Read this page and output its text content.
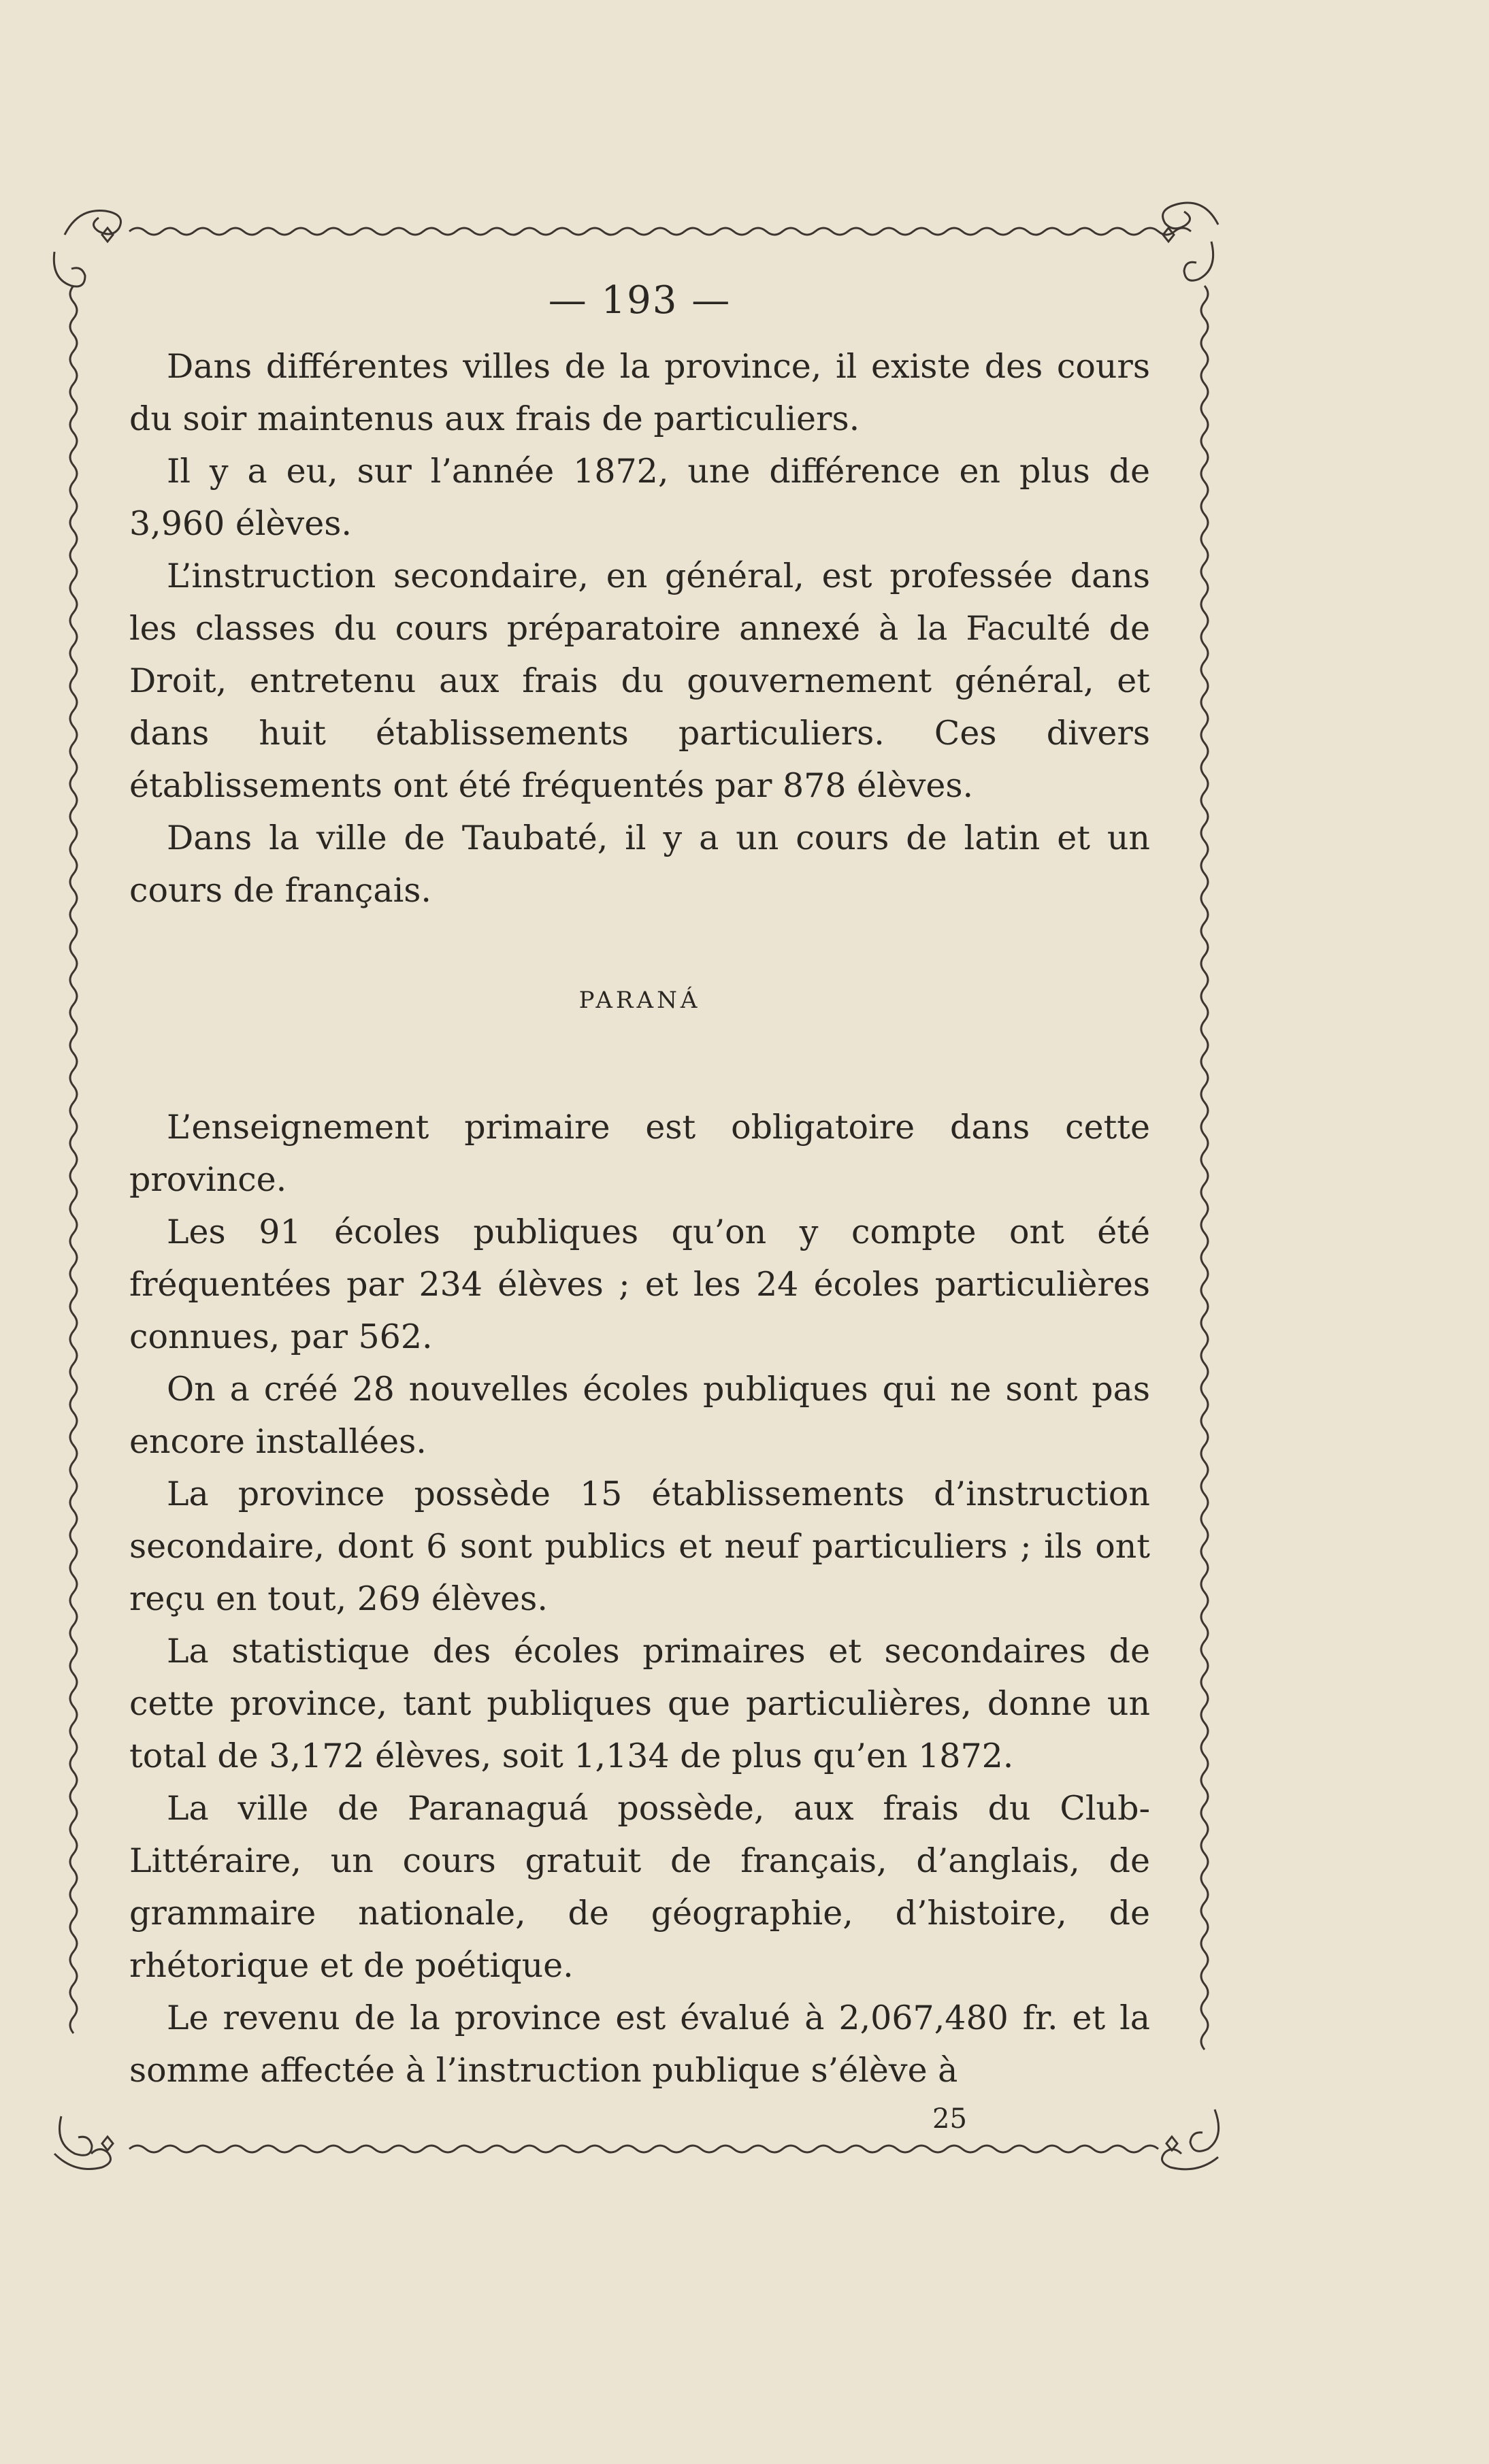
— 193 —

Dans différentes villes de la province, il existe des cours du soir maintenus aux frais de particuliers.

Il y a eu, sur l’année 1872, une différence en plus de 3,960 élèves.

L’instruction secondaire, en général, est professée dans les classes du cours préparatoire annexé à la Faculté de Droit, entretenu aux frais du gouvernement général, et dans huit établissements particuliers. Ces divers établissements ont été fréquentés par 878 élèves.

Dans la ville de Taubaté, il y a un cours de latin et un cours de français.

PARANÁ

L’enseignement primaire est obligatoire dans cette province.

Les 91 écoles publiques qu’on y compte ont été fréquentées par 234 élèves ; et les 24 écoles particulières connues, par 562.

On a créé 28 nouvelles écoles publiques qui ne sont pas encore installées.

La province possède 15 établissements d’instruction secondaire, dont 6 sont publics et neuf particuliers ; ils ont reçu en tout, 269 élèves.

La statistique des écoles primaires et secondaires de cette province, tant publiques que particulières, donne un total de 3,172 élèves, soit 1,134 de plus qu’en 1872.

La ville de Paranaguá possède, aux frais du Club-Littéraire, un cours gratuit de français, d’anglais, de grammaire nationale, de géographie, d’histoire, de rhétorique et de poétique.

Le revenu de la province est évalué à 2,067,480 fr. et la somme affectée à l’instruction publique s’élève à

25
